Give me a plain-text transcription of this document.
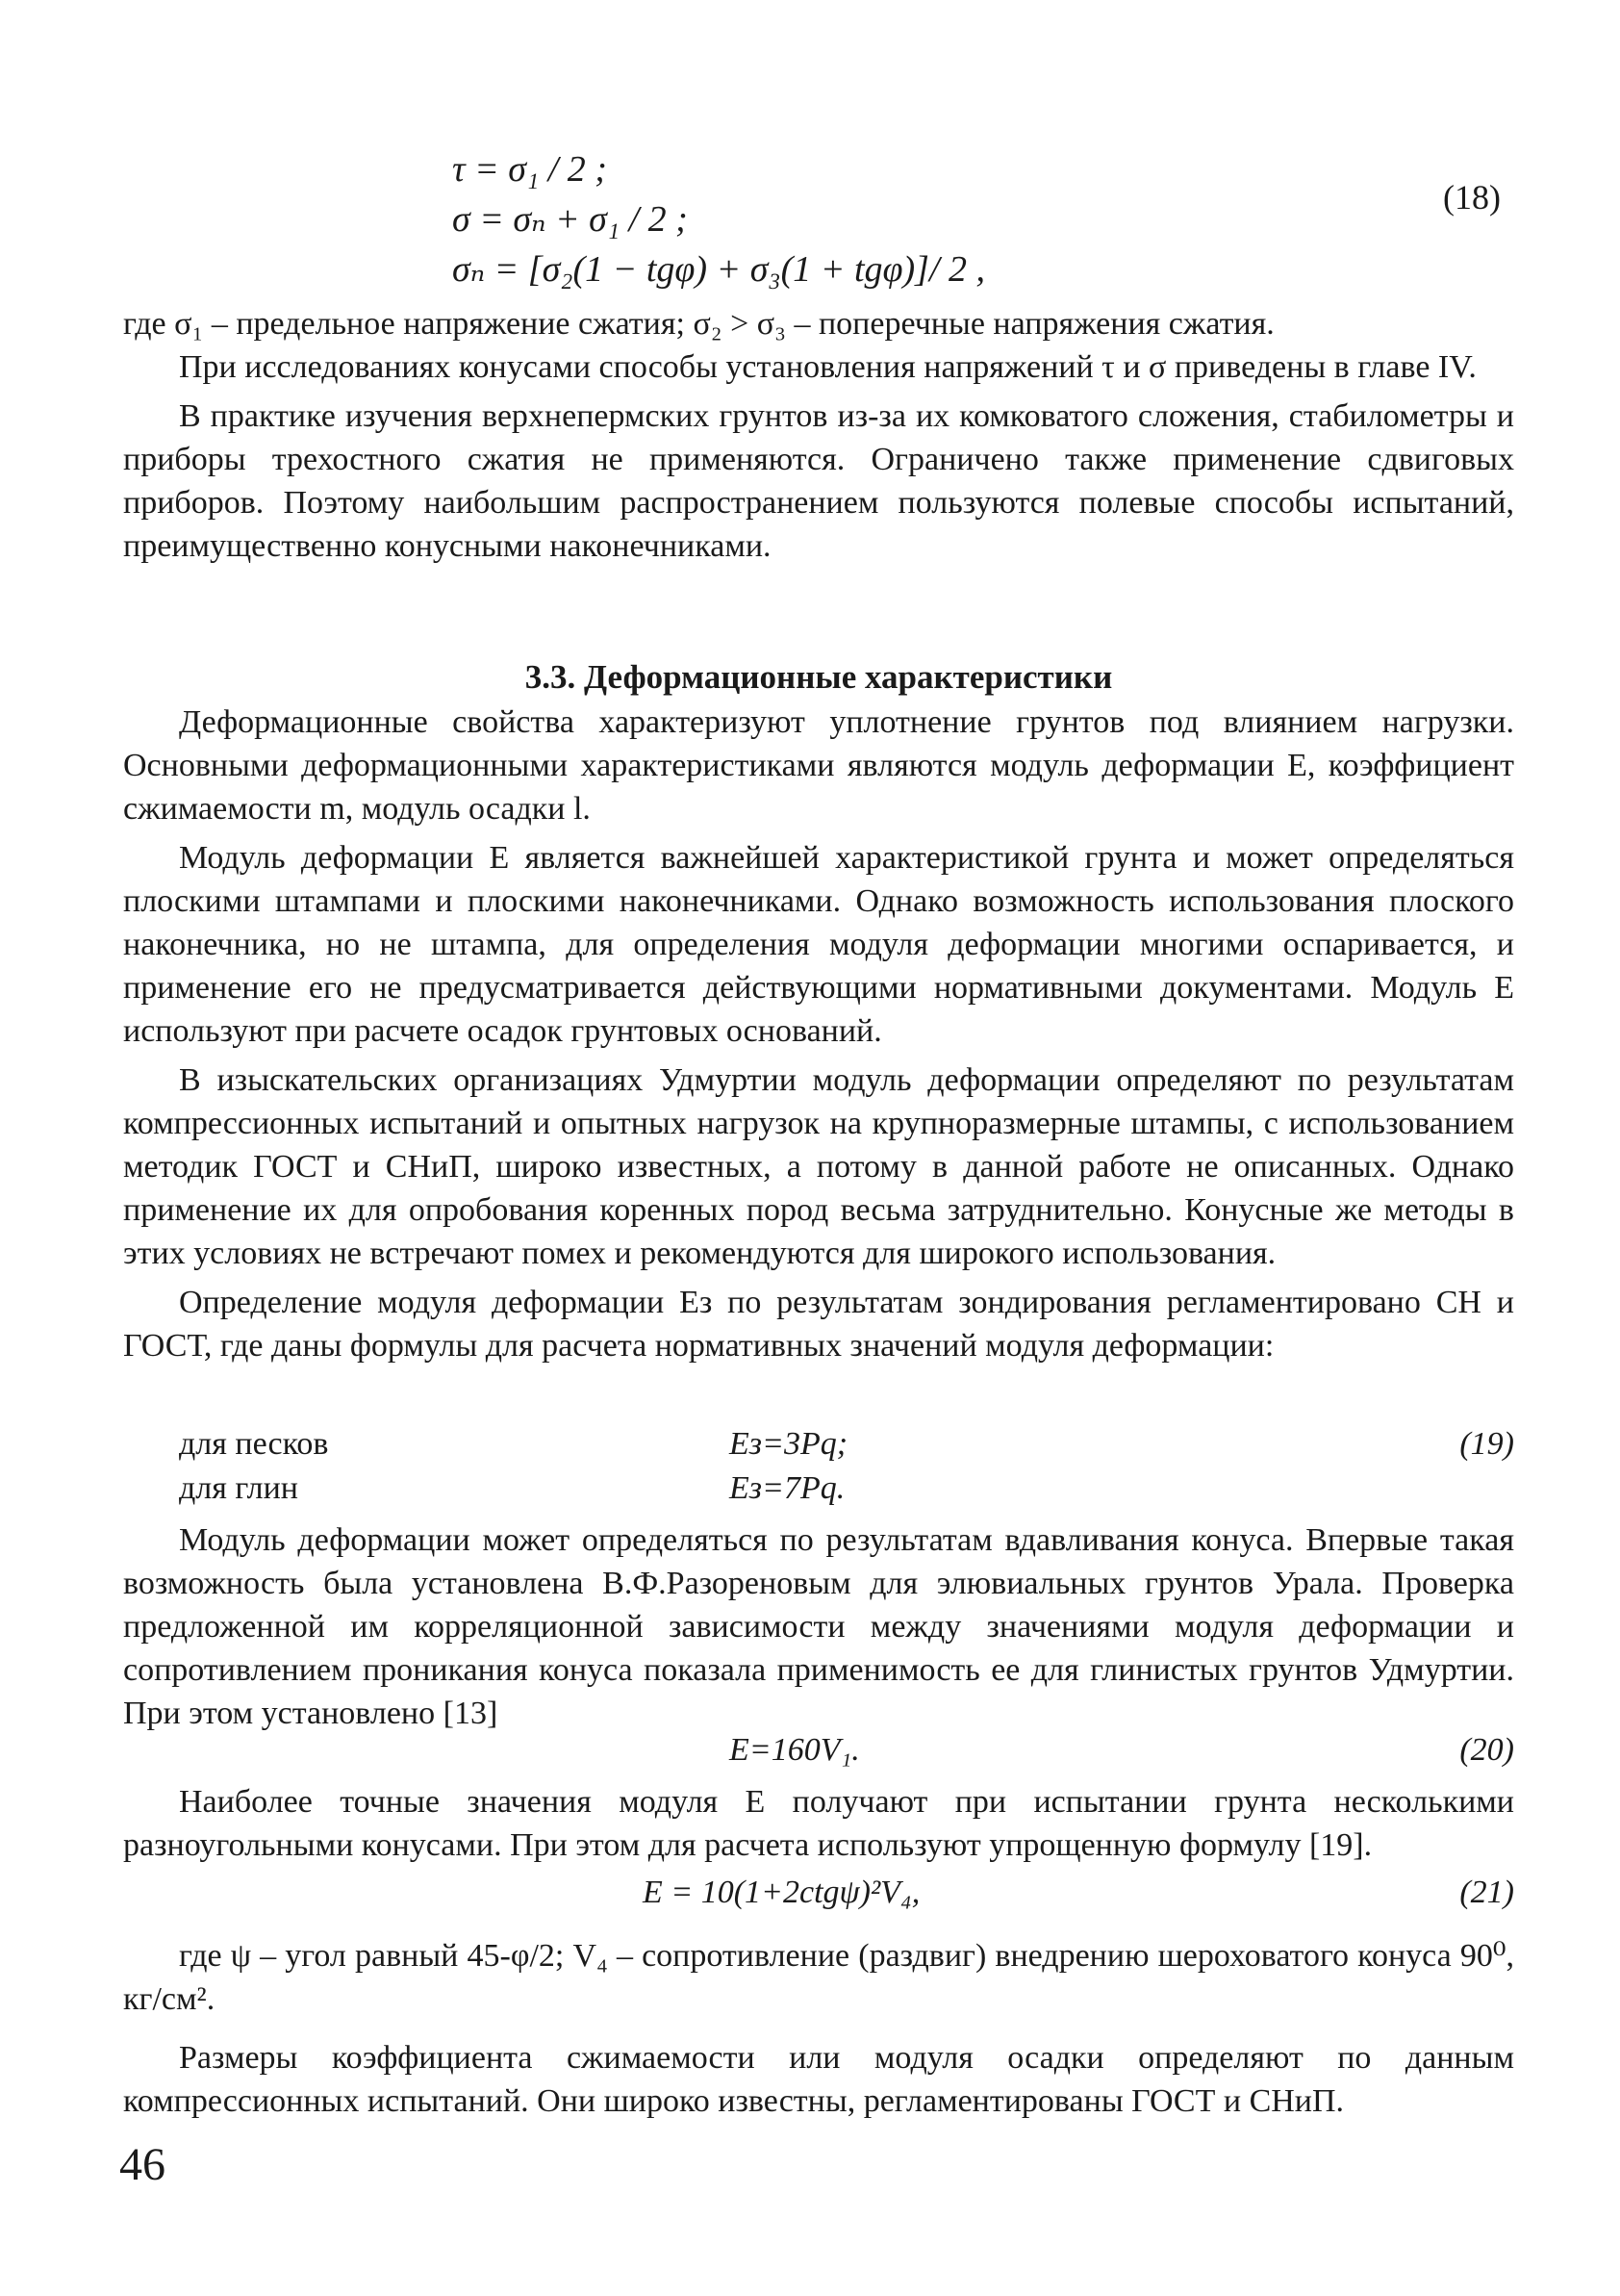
τ = σ₁ / 2 ;
σ = σₙ + σ₁ / 2 ;
σₙ = [σ₂(1 − tgφ) + σ₃(1 + tgφ)]/ 2 ,
(18)

где σ₁ – предельное напряжение сжатия; σ₂ > σ₃ – поперечные напряжения сжатия.

При исследованиях конусами способы установления напряжений τ и σ приведены в главе IV.

В практике изучения верхнепермских грунтов из-за их комковатого сложения, стабилометры и приборы трехостного сжатия не применяются. Ограничено также применение сдвиговых приборов. Поэтому наибольшим распространением пользуются полевые способы испытаний, преимущественно конусными наконечниками.

3.3. Деформационные характеристики

Деформационные свойства характеризуют уплотнение грунтов под влиянием нагрузки. Основными деформационными характеристиками являются модуль деформации E, коэффициент сжимаемости m, модуль осадки l.

Модуль деформации E является важнейшей характеристикой грунта и может определяться плоскими штампами и плоскими наконечниками. Однако возможность использования плоского наконечника, но не штампа, для определения модуля деформации многими оспаривается, и применение его не предусматривается действующими нормативными документами. Модуль E используют при расчете осадок грунтовых оснований.

В изыскательских организациях Удмуртии модуль деформации определяют по результатам компрессионных испытаний и опытных нагрузок на крупноразмерные штампы, с использованием методик ГОСТ и СНиП, широко известных, а потому в данной работе не описанных. Однако применение их для опробования коренных пород весьма затруднительно. Конусные же методы в этих условиях не встречают помех и рекомендуются для широкого использования.

Определение модуля деформации Eз по результатам зондирования регламентировано СН и ГОСТ, где даны формулы для расчета нормативных значений модуля деформации:

для песков	Eз=3Pq;	(19)
для глин	Eз=7Pq.

Модуль деформации может определяться по результатам вдавливания конуса. Впервые такая возможность была установлена В.Ф.Разореновым для элювиальных грунтов Урала. Проверка предложенной им корреляционной зависимости между значениями модуля деформации и сопротивлением проникания конуса показала применимость ее для глинистых грунтов Удмуртии. При этом установлено [13]

E=160V₁.	(20)

Наиболее точные значения модуля E получают при испытании грунта несколькими разноугольными конусами. При этом для расчета используют упрощенную формулу [19].

E = 10(1+2ctgψ)²V₄,	(21)

где ψ – угол равный 45-φ/2; V₄ – сопротивление (раздвиг) внедрению шероховатого конуса 90⁰, кг/см².

Размеры коэффициента сжимаемости или модуля осадки определяют по данным компрессионных испытаний. Они широко известны, регламентированы ГОСТ и СНиП.

46
